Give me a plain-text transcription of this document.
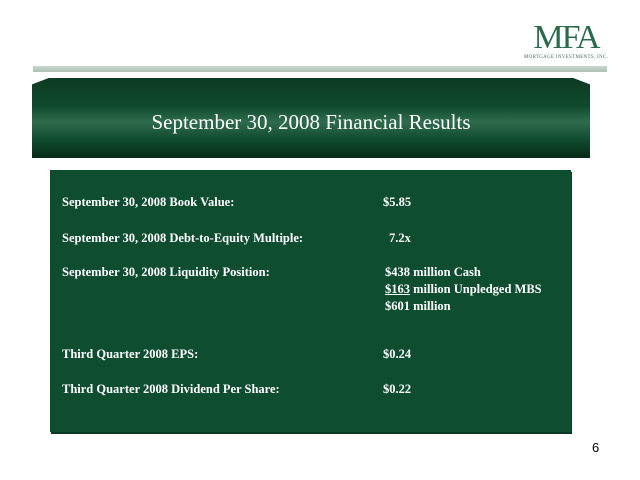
MFA
MORTGAGE INVESTMENTS, INC.
September 30, 2008 Financial Results
September 30, 2008 Book Value:	$5.85
September 30, 2008 Debt-to-Equity Multiple:	7.2x
September 30, 2008 Liquidity Position:	$438 million Cash
$163 million Unpledged MBS
$601 million
Third Quarter 2008 EPS:	$0.24
Third Quarter 2008 Dividend Per Share:	$0.22
6
